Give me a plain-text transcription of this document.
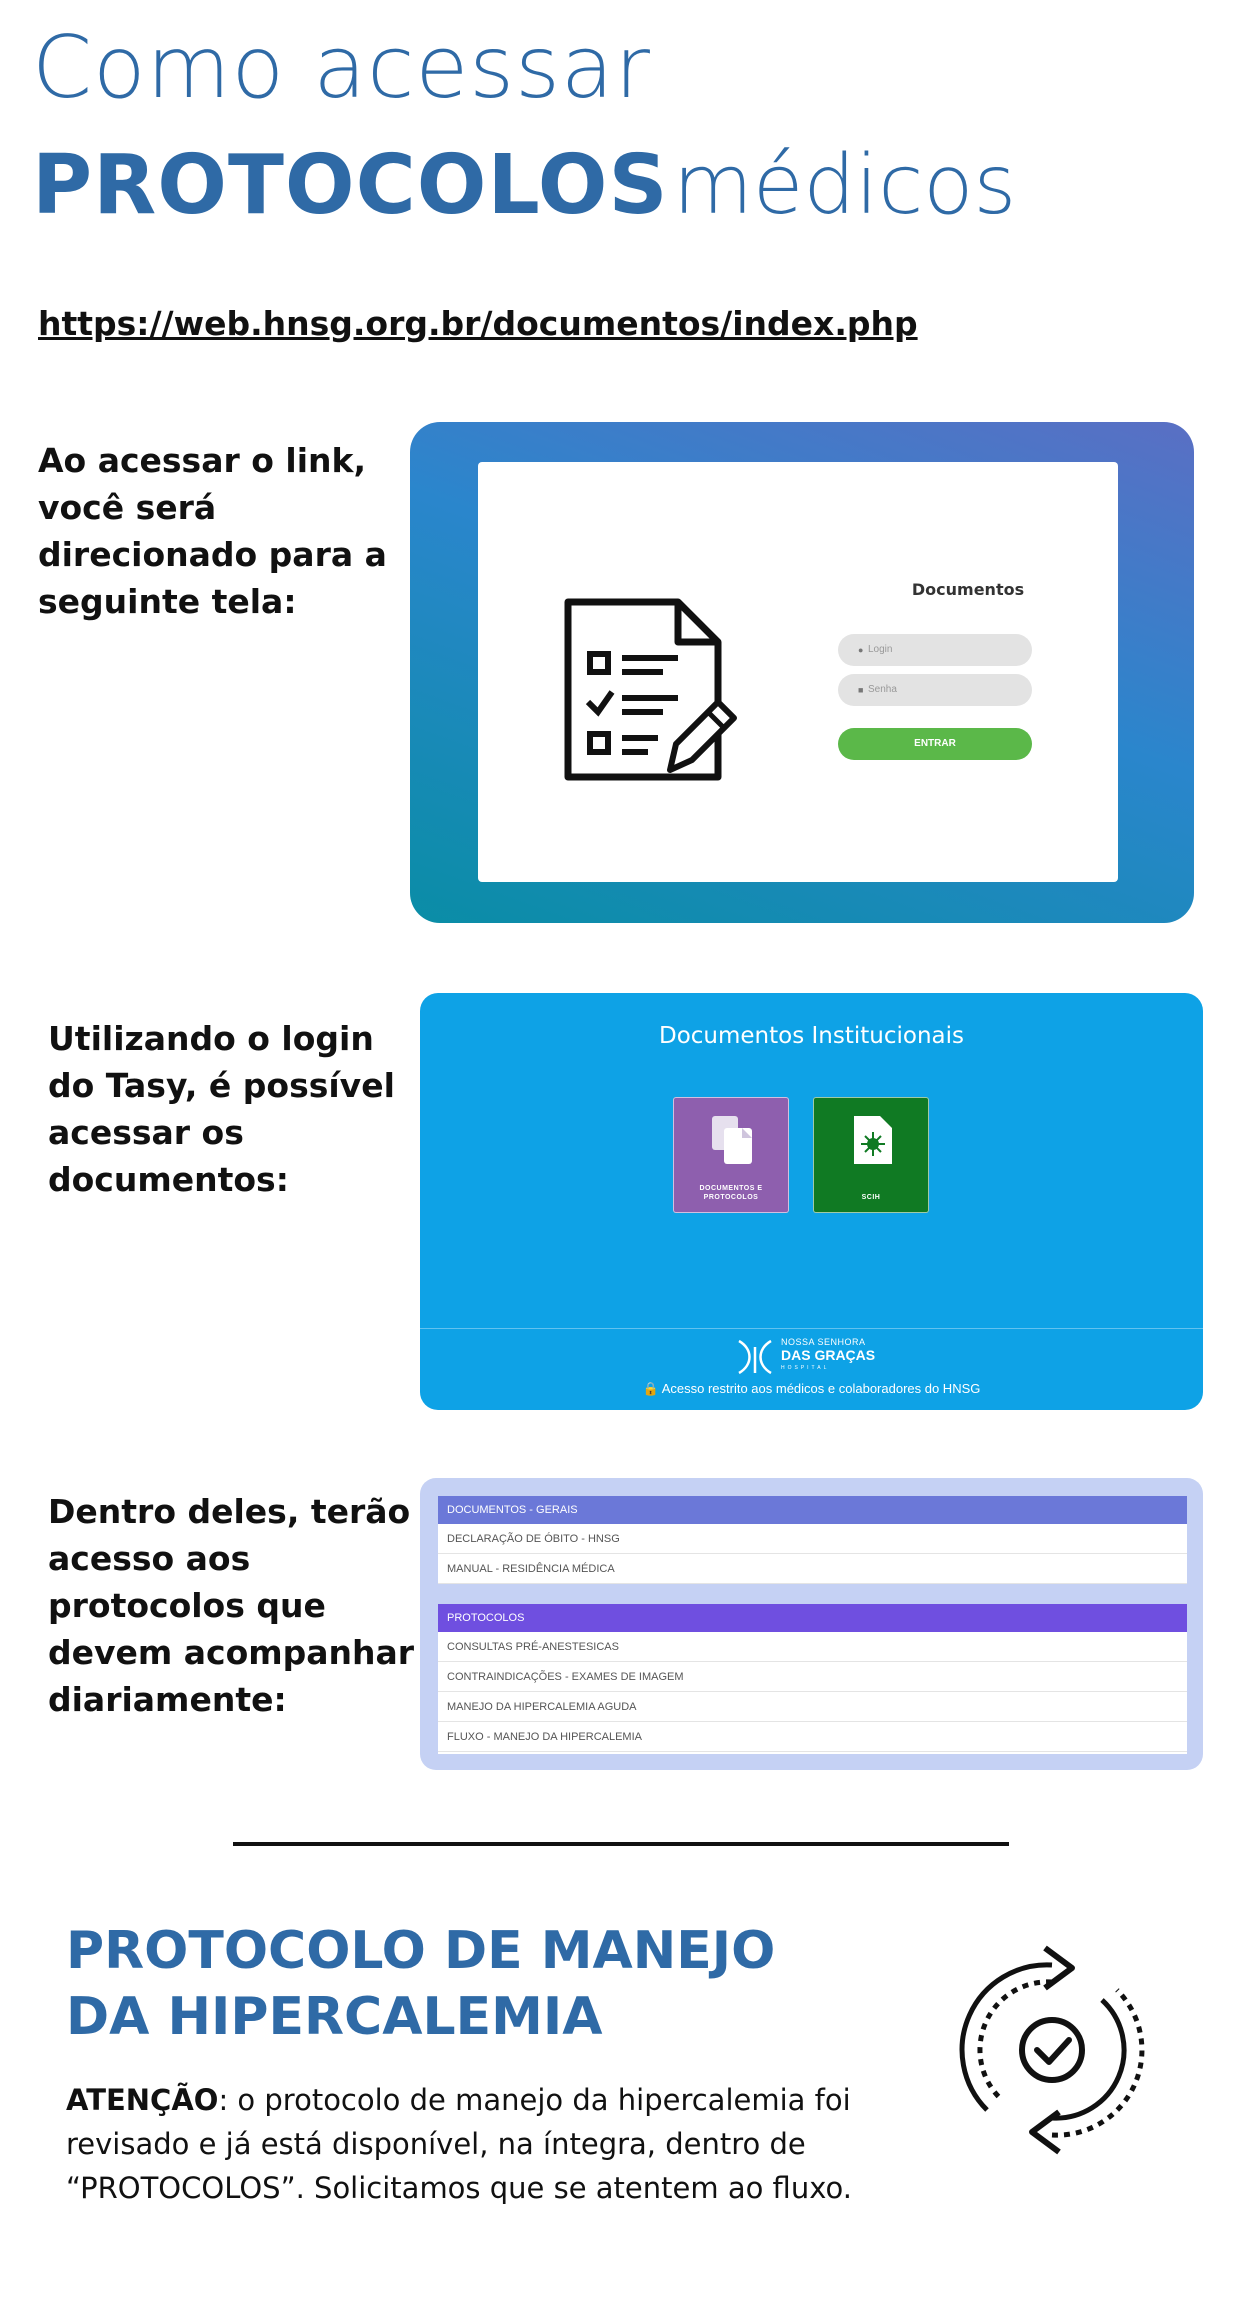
Como acessar
PROTOCOLOS médicos
https://web.hnsg.org.br/documentos/index.php
Ao acessar o link, você será direcionado para a seguinte tela:	Documentos
● Login
■ Senha
ENTRAR
Utilizando o login do Tasy, é possível acessar os documentos:
Documentos Institucionais
DOCUMENTOS E
PROTOCOLOS	SCIH
NOSSA SENHORA
DAS GRAÇAS
HOSPITAL
🔒 Acesso restrito aos médicos e colaboradores do HNSG
Dentro deles, terão acesso aos protocolos que devem acompanhar diariamente:
DOCUMENTOS - GERAIS
DECLARAÇÃO DE ÓBITO - HNSG
MANUAL - RESIDÊNCIA MÉDICA
PROTOCOLOS
CONSULTAS PRÉ-ANESTESICAS
CONTRAINDICAÇÕES - EXAMES DE IMAGEM
MANEJO DA HIPERCALEMIA AGUDA
FLUXO - MANEJO DA HIPERCALEMIA
PROTOCOLO DE MANEJO
DA HIPERCALEMIA
ATENÇÃO: o protocolo de manejo da hipercalemia foi revisado e já está disponível, na íntegra, dentro de “PROTOCOLOS”. Solicitamos que se atentem ao fluxo.
